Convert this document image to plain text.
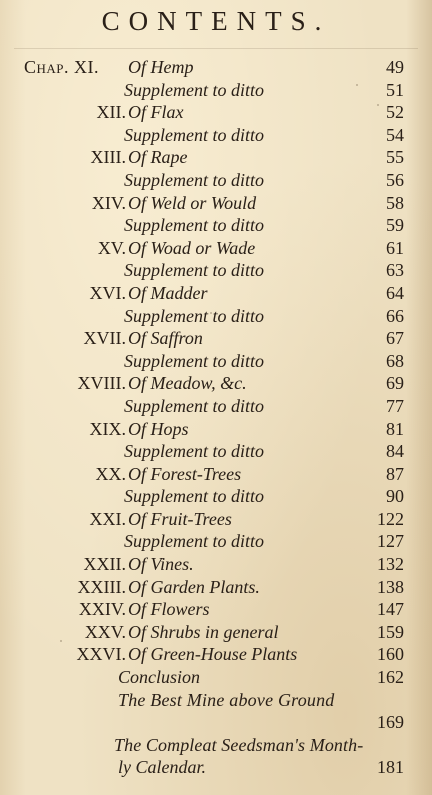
CONTENTS.
Chap. XI. Of Hemp	49
Supplement to ditto	51
XII. Of Flax	52
Supplement to ditto	54
XIII. Of Rape	55
Supplement to ditto	56
XIV. Of Weld or Would	58
Supplement to ditto	59
XV. Of Woad or Wade	61
Supplement to ditto	63
XVI. Of Madder	64
Supplement to ditto	66
XVII. Of Saffron	67
Supplement to ditto	68
XVIII. Of Meadow, &c.	69
Supplement to ditto	77
XIX. Of Hops	81
Supplement to ditto	84
XX. Of Forest-Trees	87
Supplement to ditto	90
XXI. Of Fruit-Trees	122
Supplement to ditto	127
XXII. Of Vines.	132
XXIII. Of Garden Plants.	138
XXIV. Of Flowers	147
XXV. Of Shrubs in general	159
XXVI. Of Green-House Plants	160
Conclusion	162
The Best Mine above Ground
169
The Compleat Seedsman's Month-
ly Calendar.	181
